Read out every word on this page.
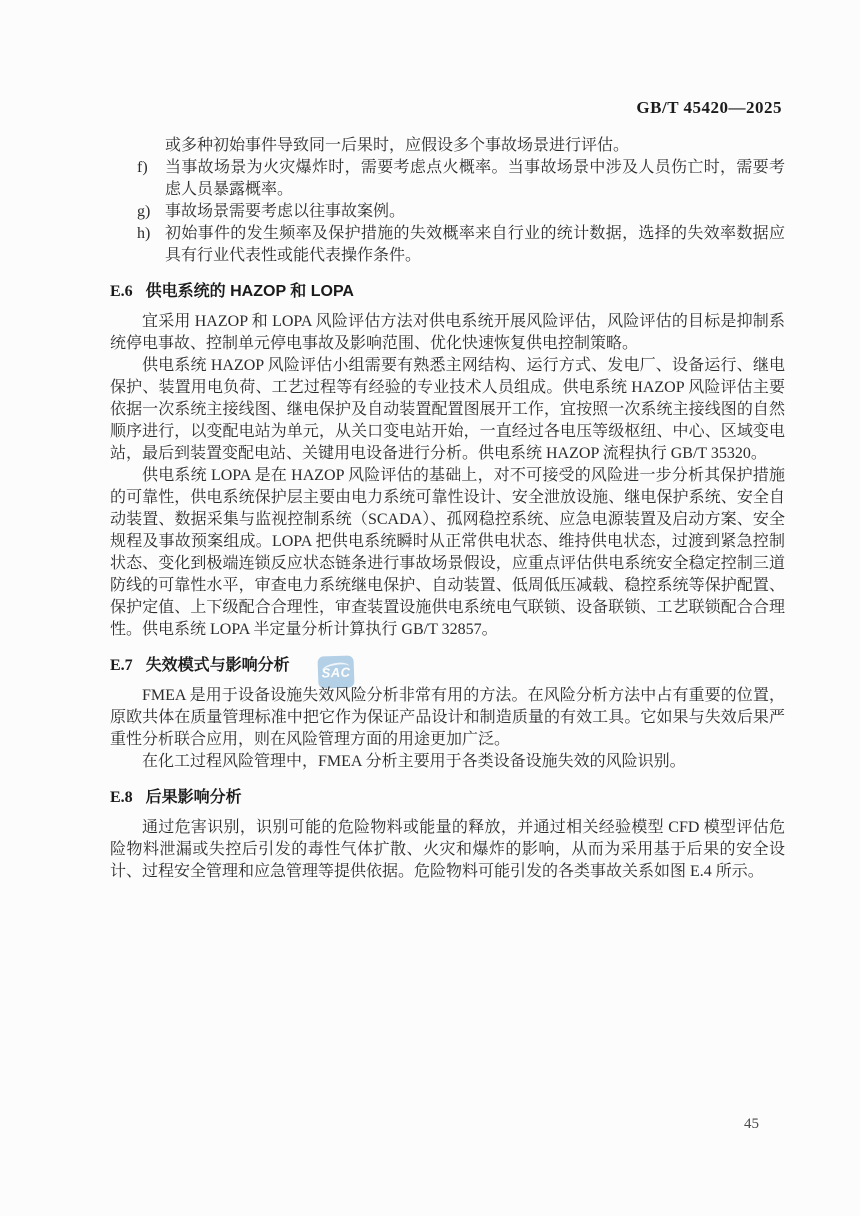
GB/T 45420—2025
SAC

或多种初始事件导致同一后果时，应假设多个事故场景进行评估。

f) 当事故场景为火灾爆炸时，需要考虑点火概率。当事故场景中涉及人员伤亡时，需要考虑人员暴露概率。
g) 事故场景需要考虑以往事故案例。
h) 初始事件的发生频率及保护措施的失效概率来自行业的统计数据，选择的失效率数据应具有行业代表性或能代表操作条件。
E.6 供电系统的 HAZOP 和 LOPA

宜采用 HAZOP 和 LOPA 风险评估方法对供电系统开展风险评估，风险评估的目标是抑制系统停电事故、控制单元停电事故及影响范围、优化快速恢复供电控制策略。

供电系统 HAZOP 风险评估小组需要有熟悉主网结构、运行方式、发电厂、设备运行、继电保护、装置用电负荷、工艺过程等有经验的专业技术人员组成。供电系统 HAZOP 风险评估主要依据一次系统主接线图、继电保护及自动装置配置图展开工作，宜按照一次系统主接线图的自然顺序进行，以变配电站为单元，从关口变电站开始，一直经过各电压等级枢纽、中心、区域变电站，最后到装置变配电站、关键用电设备进行分析。供电系统 HAZOP 流程执行 GB/T 35320。

供电系统 LOPA 是在 HAZOP 风险评估的基础上，对不可接受的风险进一步分析其保护措施的可靠性，供电系统保护层主要由电力系统可靠性设计、安全泄放设施、继电保护系统、安全自动装置、数据采集与监视控制系统（SCADA）、孤网稳控系统、应急电源装置及启动方案、安全规程及事故预案组成。LOPA 把供电系统瞬时从正常供电状态、维持供电状态，过渡到紧急控制状态、变化到极端连锁反应状态链条进行事故场景假设，应重点评估供电系统安全稳定控制三道防线的可靠性水平，审查电力系统继电保护、自动装置、低周低压减载、稳控系统等保护配置、保护定值、上下级配合合理性，审查装置设施供电系统电气联锁、设备联锁、工艺联锁配合合理性。供电系统 LOPA 半定量分析计算执行 GB/T 32857。

E.7 失效模式与影响分析

FMEA 是用于设备设施失效风险分析非常有用的方法。在风险分析方法中占有重要的位置，原欧共体在质量管理标准中把它作为保证产品设计和制造质量的有效工具。它如果与失效后果严重性分析联合应用，则在风险管理方面的用途更加广泛。

在化工过程风险管理中，FMEA 分析主要用于各类设备设施失效的风险识别。

E.8 后果影响分析

通过危害识别，识别可能的危险物料或能量的释放，并通过相关经验模型 CFD 模型评估危险物料泄漏或失控后引发的毒性气体扩散、火灾和爆炸的影响，从而为采用基于后果的安全设计、过程安全管理和应急管理等提供依据。危险物料可能引发的各类事故关系如图 E.4 所示。

45
